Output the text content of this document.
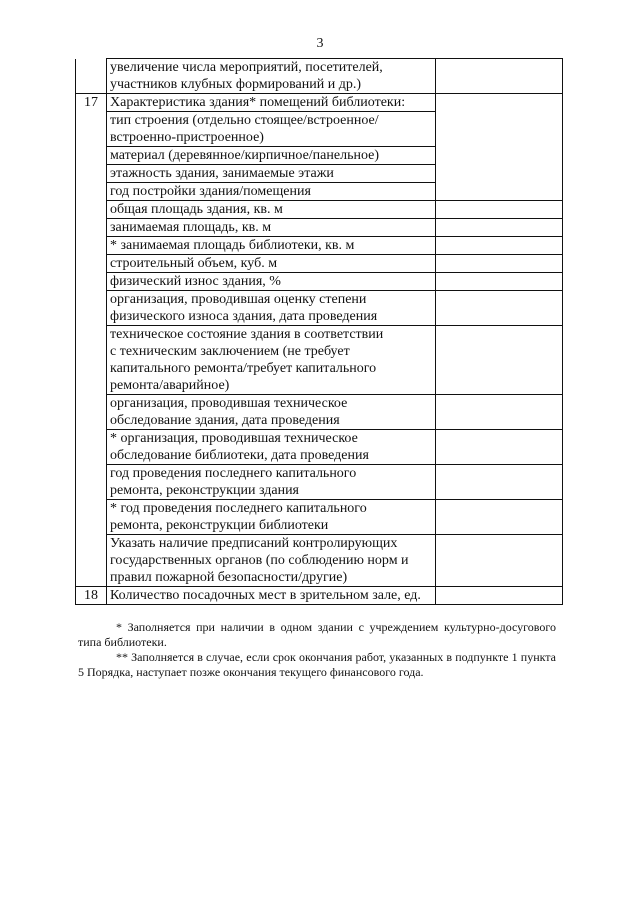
3
	увеличение числа мероприятий, посетителей,
участников клубных формирований и др.)	
17	Характеристика здания* помещений библиотеки:	
	тип строения (отдельно стоящее/встроенное/
встроенно-пристроенное)	
	материал (деревянное/кирпичное/панельное)	
	этажность здания, занимаемые этажи	
	год постройки здания/помещения	
	общая площадь здания, кв. м	
	занимаемая площадь, кв. м	
	* занимаемая площадь библиотеки, кв. м	
	строительный объем, куб. м	
	физический износ здания, %	
	организация, проводившая оценку степени
физического износа здания, дата проведения	
	техническое состояние здания в соответствии
с техническим заключением (не требует
капитального ремонта/требует капитального
ремонта/аварийное)	
	организация, проводившая техническое
обследование здания, дата проведения	
	* организация, проводившая техническое
обследование библиотеки, дата проведения	
	год проведения последнего капитального
ремонта, реконструкции здания	
	* год проведения последнего капитального
ремонта, реконструкции библиотеки	
	Указать наличие предписаний контролирующих
государственных органов (по соблюдению норм и
правил пожарной безопасности/другие)	
18	Количество посадочных мест в зрительном зале, ед.	

* Заполняется при наличии в одном здании с учреждением культурно-досугового типа библиотеки.

** Заполняется в случае, если срок окончания работ, указанных в подпункте 1 пункта 5 Порядка, наступает позже окончания текущего финансового года.
